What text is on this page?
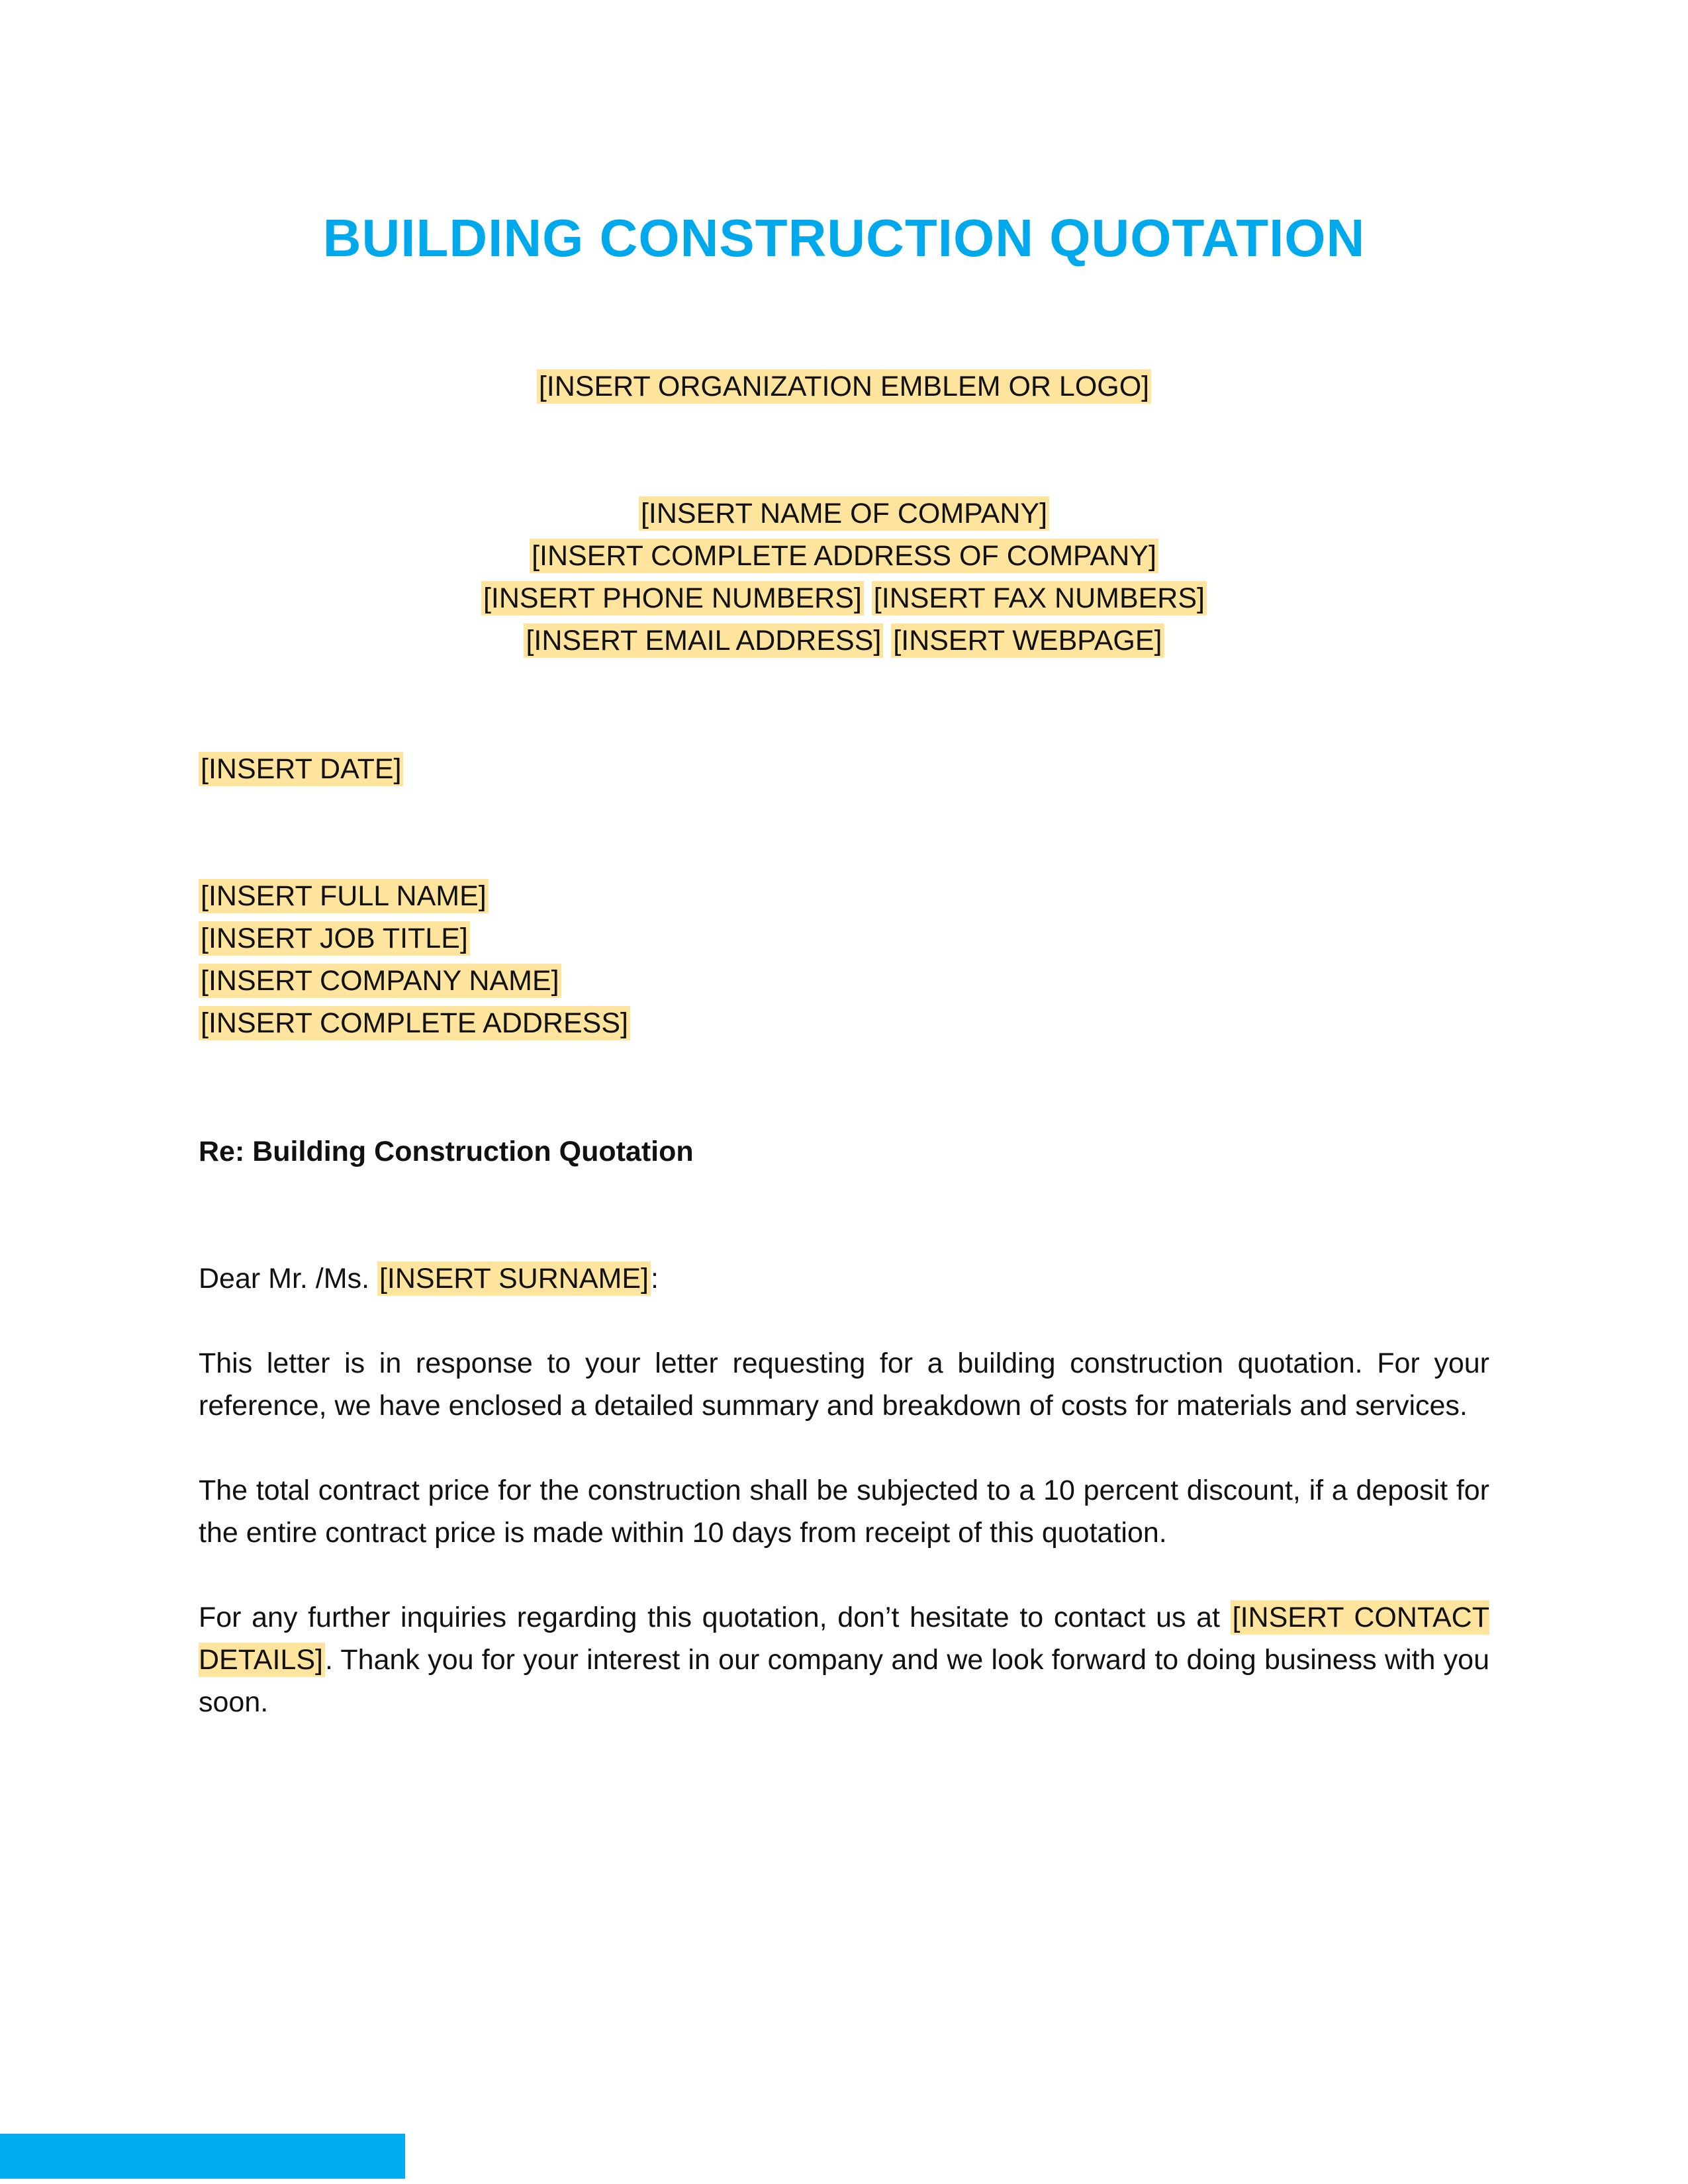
BUILDING CONSTRUCTION QUOTATION
[INSERT ORGANIZATION EMBLEM OR LOGO]
[INSERT NAME OF COMPANY]
[INSERT COMPLETE ADDRESS OF COMPANY]
[INSERT PHONE NUMBERS] [INSERT FAX NUMBERS]
[INSERT EMAIL ADDRESS] [INSERT WEBPAGE]
[INSERT DATE]
[INSERT FULL NAME]
[INSERT JOB TITLE]
[INSERT COMPANY NAME]
[INSERT COMPLETE ADDRESS]
Re: Building Construction Quotation
Dear Mr. /Ms. [INSERT SURNAME]:

This letter is in response to your letter requesting for a building construction quotation. For your reference, we have enclosed a detailed summary and breakdown of costs for materials and services.

The total contract price for the construction shall be subjected to a 10 percent discount, if a deposit for the entire contract price is made within 10 days from receipt of this quotation.

For any further inquiries regarding this quotation, don’t hesitate to contact us at [INSERT CONTACT DETAILS]. Thank you for your interest in our company and we look forward to doing business with you soon.
